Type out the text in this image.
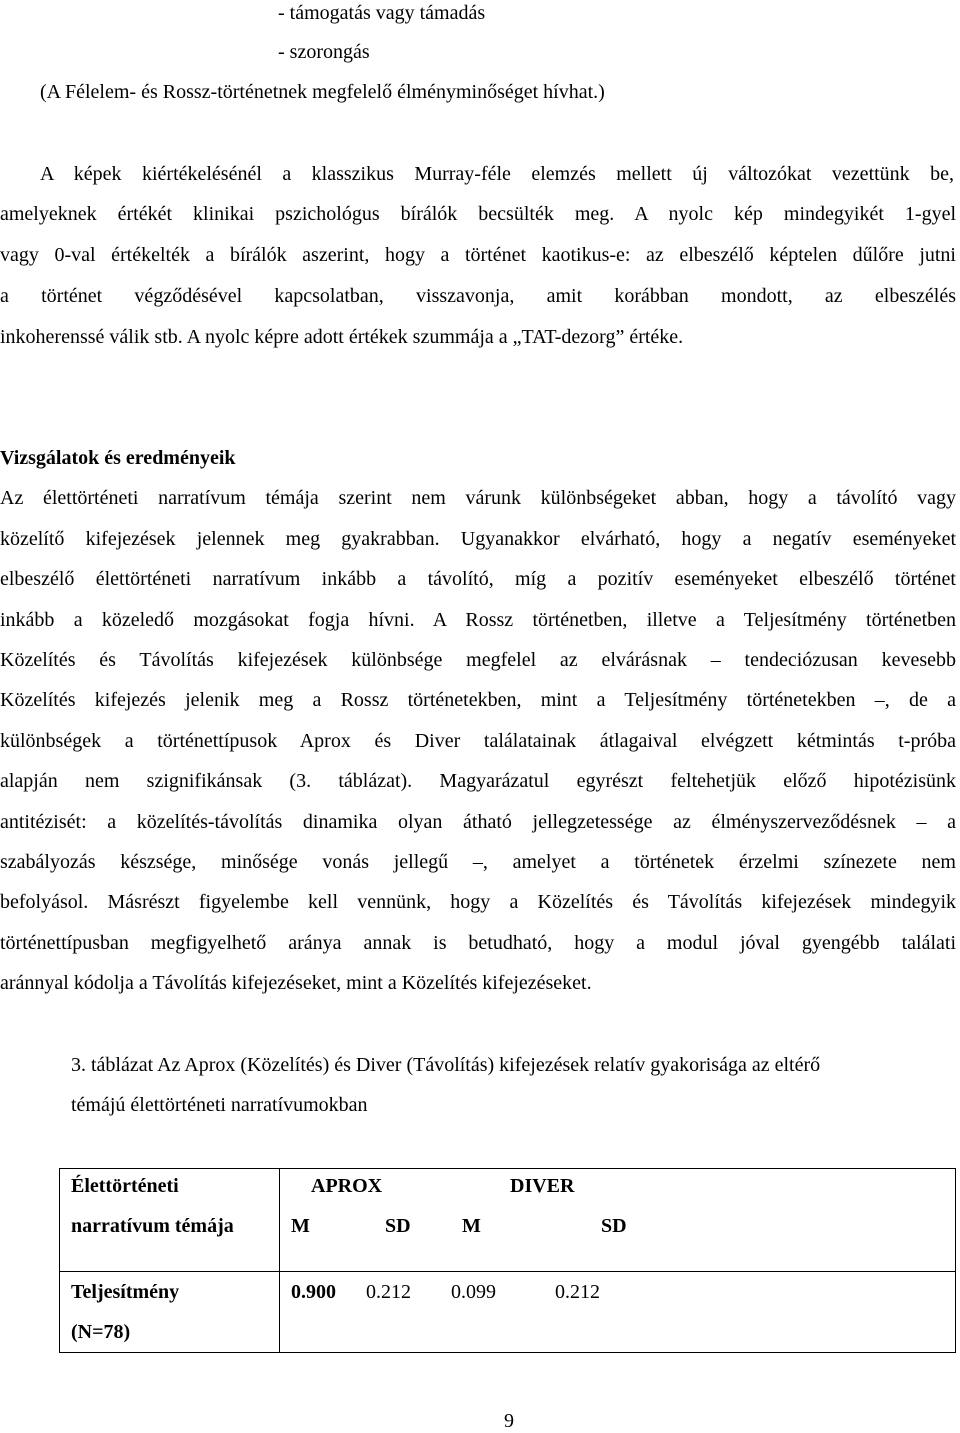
- támogatás vagy támadás
- szorongás
(A Félelem- és Rossz-történetnek megfelelő élményminőséget hívhat.)
A képek kiértékelésénél a klasszikus Murray-féle elemzés mellett új változókat vezettünk be,
amelyeknek értékét klinikai pszichológus bírálók becsülték meg. A nyolc kép mindegyikét 1-gyel
vagy 0-val értékelték a bírálók aszerint, hogy a történet kaotikus-e: az elbeszélő képtelen dűlőre jutni
a történet végződésével kapcsolatban, visszavonja, amit korábban mondott, az elbeszélés
inkoherenssé válik stb. A nyolc képre adott értékek szummája a „TAT-dezorg” értéke.
Vizsgálatok és eredményeik
Az élettörténeti narratívum témája szerint nem várunk különbségeket abban, hogy a távolító vagy
közelítő kifejezések jelennek meg gyakrabban. Ugyanakkor elvárható, hogy a negatív eseményeket
elbeszélő élettörténeti narratívum inkább a távolító, míg a pozitív eseményeket elbeszélő történet
inkább a közeledő mozgásokat fogja hívni. A Rossz történetben, illetve a Teljesítmény történetben
Közelítés és Távolítás kifejezések különbsége megfelel az elvárásnak – tendeciózusan kevesebb
Közelítés kifejezés jelenik meg a Rossz történetekben, mint a Teljesítmény történetekben –, de a
különbségek a történettípusok Aprox és Diver találatainak átlagaival elvégzett kétmintás t-próba
alapján nem szignifikánsak (3. táblázat). Magyarázatul egyrészt feltehetjük előző hipotézisünk
antitézisét: a közelítés-távolítás dinamika olyan átható jellegzetessége az élményszerveződésnek – a
szabályozás készsége, minősége vonás jellegű –, amelyet a történetek érzelmi színezete nem
befolyásol. Másrészt figyelembe kell vennünk, hogy a Közelítés és Távolítás kifejezések mindegyik
történettípusban megfigyelhető aránya annak is betudható, hogy a modul jóval gyengébb találati
aránnyal kódolja a Távolítás kifejezéseket, mint a Közelítés kifejezéseket.
3. táblázat Az Aprox (Közelítés) és Diver (Távolítás) kifejezések relatív gyakorisága az eltérő
témájú élettörténeti narratívumokban
Élettörténeti
narratívum témája
APROX	DIVER
M	SD	M	SD
Teljesítmény
(N=78)
0.900 0.212 0.099	0.212
9
